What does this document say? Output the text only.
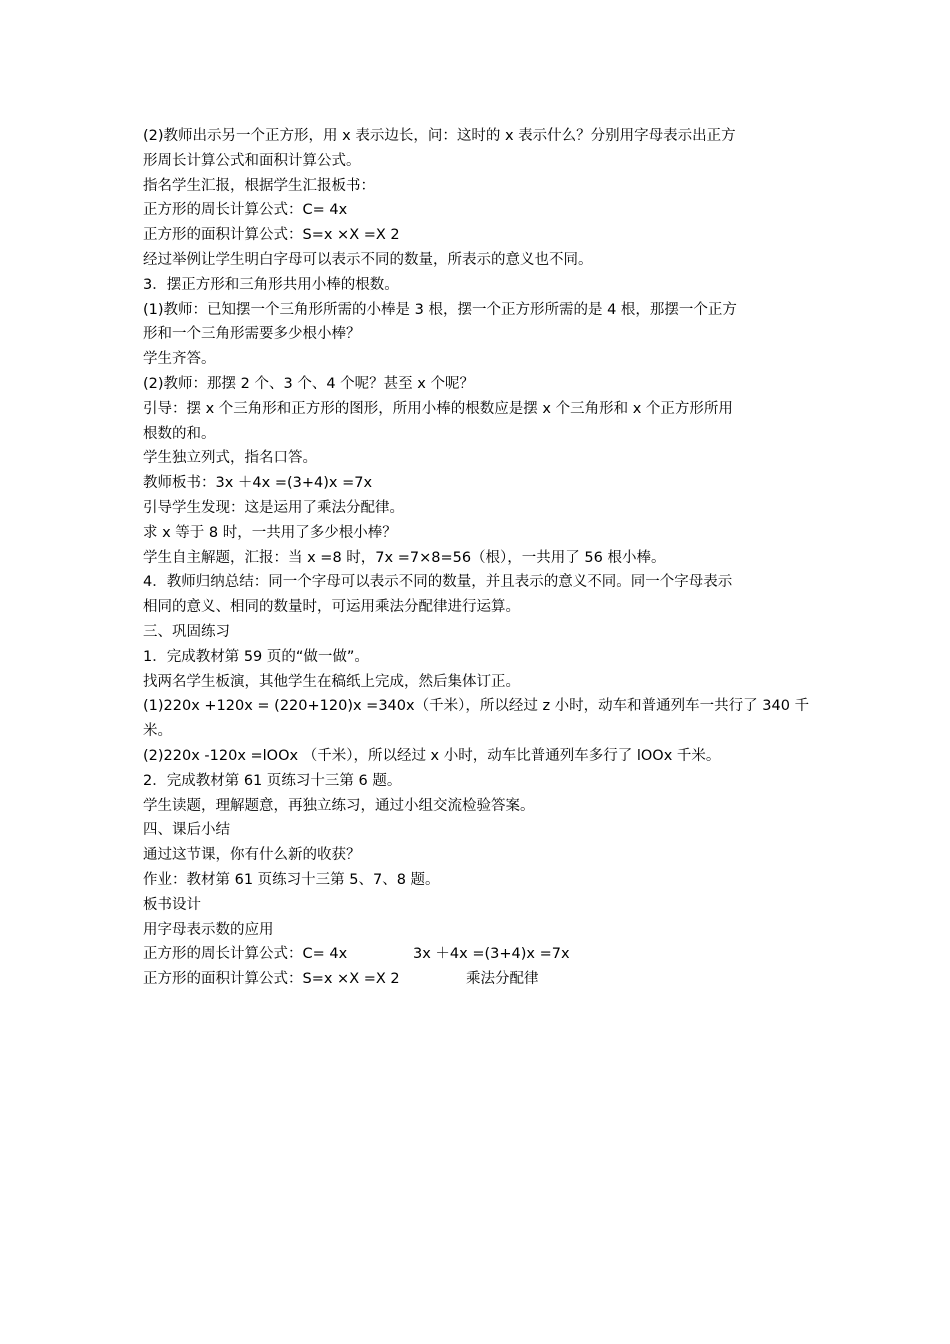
(2)教师出示另一个正方形，用 x 表示边长，问：这时的 x 表示什么？分别用字母表示出正方
形周长计算公式和面积计算公式。
指名学生汇报，根据学生汇报板书：
正方形的周长计算公式：C= 4x
正方形的面积计算公式：S=x ×X =X 2
经过举例让学生明白字母可以表示不同的数量，所表示的意义也不同。
3．摆正方形和三角形共用小棒的根数。
(1)教师：已知摆一个三角形所需的小棒是 3 根，摆一个正方形所需的是 4 根，那摆一个正方
形和一个三角形需要多少根小棒？
学生齐答。
(2)教师：那摆 2 个、3 个、4 个呢？甚至 x 个呢？
引导：摆 x 个三角形和正方形的图形，所用小棒的根数应是摆 x 个三角形和 x 个正方形所用
根数的和。
学生独立列式，指名口答。
教师板书：3x ＋4x =(3+4)x =7x
引导学生发现：这是运用了乘法分配律。
求 x 等于 8 时，一共用了多少根小棒？
学生自主解题，汇报：当 x =8 时，7x =7×8=56（根），一共用了 56 根小棒。
4．教师归纳总结：同一个字母可以表示不同的数量，并且表示的意义不同。同一个字母表示
相同的意义、相同的数量时，可运用乘法分配律进行运算。
三、巩固练习
1．完成教材第 59 页的“做一做”。
找两名学生板演，其他学生在稿纸上完成，然后集体订正。
(1)220x +120x = (220+120)x =340x（千米），所以经过 z 小时，动车和普通列车一共行了 340 千
米。
(2)220x -120x =lOOx （千米），所以经过 x 小时，动车比普通列车多行了 lOOx 千米。
2．完成教材第 61 页练习十三第 6 题。
学生读题，理解题意，再独立练习，通过小组交流检验答案。
四、课后小结
通过这节课，你有什么新的收获？
作业：教材第 61 页练习十三第 5、7、8 题。
板书设计
用字母表示数的应用
正方形的周长计算公式：C= 4x	3x ＋4x =(3+4)x =7x
正方形的面积计算公式：S=x ×X =X 2	乘法分配律
